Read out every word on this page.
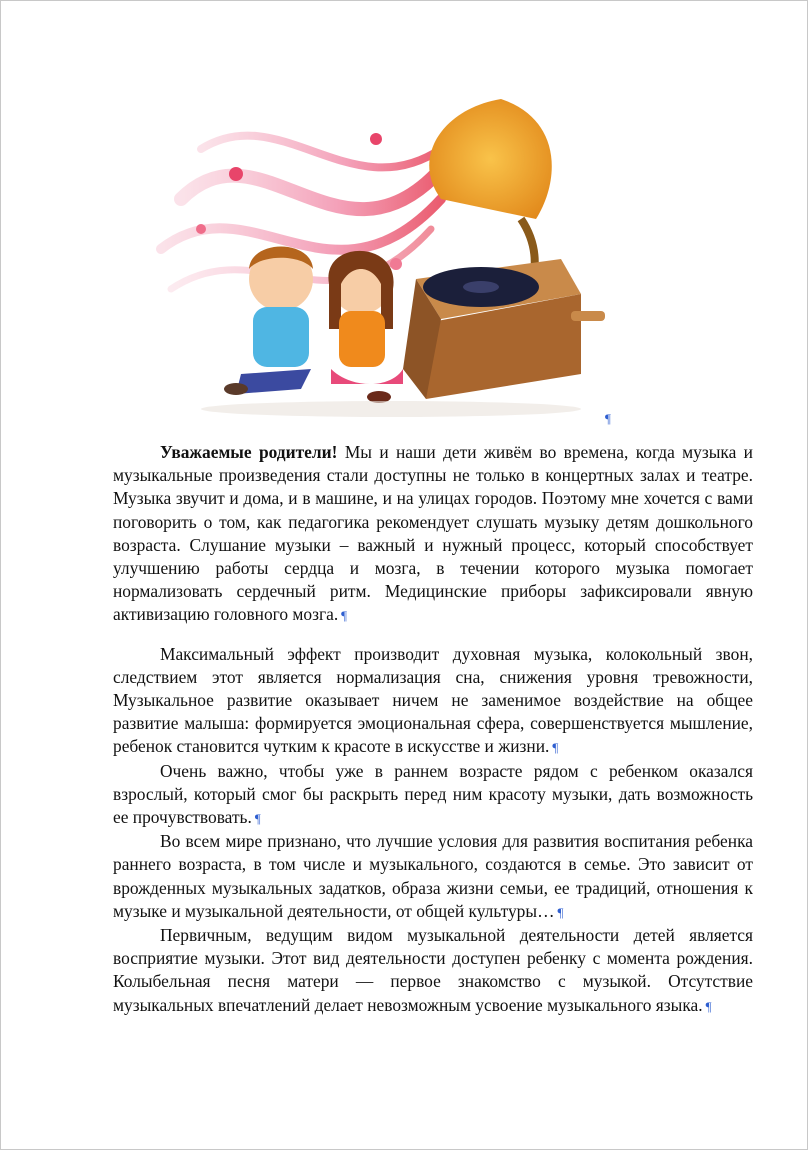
¶

Уважаемые родители! Мы и наши дети живём во времена, когда музыка и музыкальные произведения стали доступны не только в концертных залах и театре. Музыка звучит и дома, и в машине, и на улицах городов. Поэтому мне хочется с вами поговорить о том, как педагогика рекомендует слушать музыку детям дошкольного возраста. Слушание музыки – важный и нужный процесс, который способствует улучшению работы сердца и мозга, в течении которого музыка помогает нормализовать сердечный ритм. Медицинские приборы зафиксировали явную активизацию головного мозга. ¶

Максимальный эффект производит духовная музыка, колокольный звон, следствием этот является нормализация сна, снижения уровня тревожности, Музыкальное развитие оказывает ничем не заменимое воздействие на общее развитие малыша: формируется эмоциональная сфера, совершенствуется мышление, ребенок становится чутким к красоте в искусстве и жизни. ¶

Очень важно, чтобы уже в раннем возрасте рядом с ребенком оказался взрослый, который смог бы раскрыть перед ним красоту музыки, дать возможность ее прочувствовать. ¶

Во всем мире признано, что лучшие условия для развития воспитания ребенка раннего возраста, в том числе и музыкального, создаются в семье. Это зависит от врожденных музыкальных задатков, образа жизни семьи, ее традиций, отношения к музыке и музыкальной деятельности, от общей культуры… ¶

Первичным, ведущим видом музыкальной деятельности детей является восприятие музыки. Этот вид деятельности доступен ребенку с момента рождения. Колыбельная песня матери — первое знакомство с музыкой. Отсутствие музыкальных впечатлений делает невозможным усвоение музыкального языка. ¶
